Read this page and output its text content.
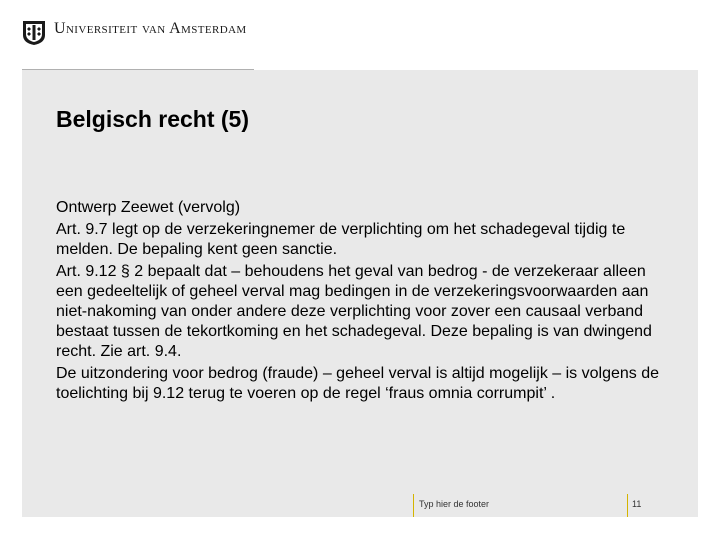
Universiteit van Amsterdam
Belgisch recht (5)

Ontwerp Zeewet (vervolg)

Art. 9.7 legt op de verzekeringnemer de verplichting om het schadegeval tijdig te melden. De bepaling kent geen sanctie.

Art. 9.12 § 2 bepaalt dat – behoudens het geval van bedrog - de verzekeraar alleen een gedeeltelijk of geheel verval mag bedingen in de verzekeringsvoorwaarden aan niet-nakoming van onder andere deze verplichting voor zover een causaal verband bestaat tussen de tekortkoming en het schadegeval. Deze bepaling is van dwingend recht. Zie art. 9.4.

De uitzondering voor bedrog (fraude) – geheel verval is altijd mogelijk – is volgens de toelichting bij 9.12 terug te voeren op de regel ‘fraus omnia corrumpit’ .

Typ hier de footer	11
